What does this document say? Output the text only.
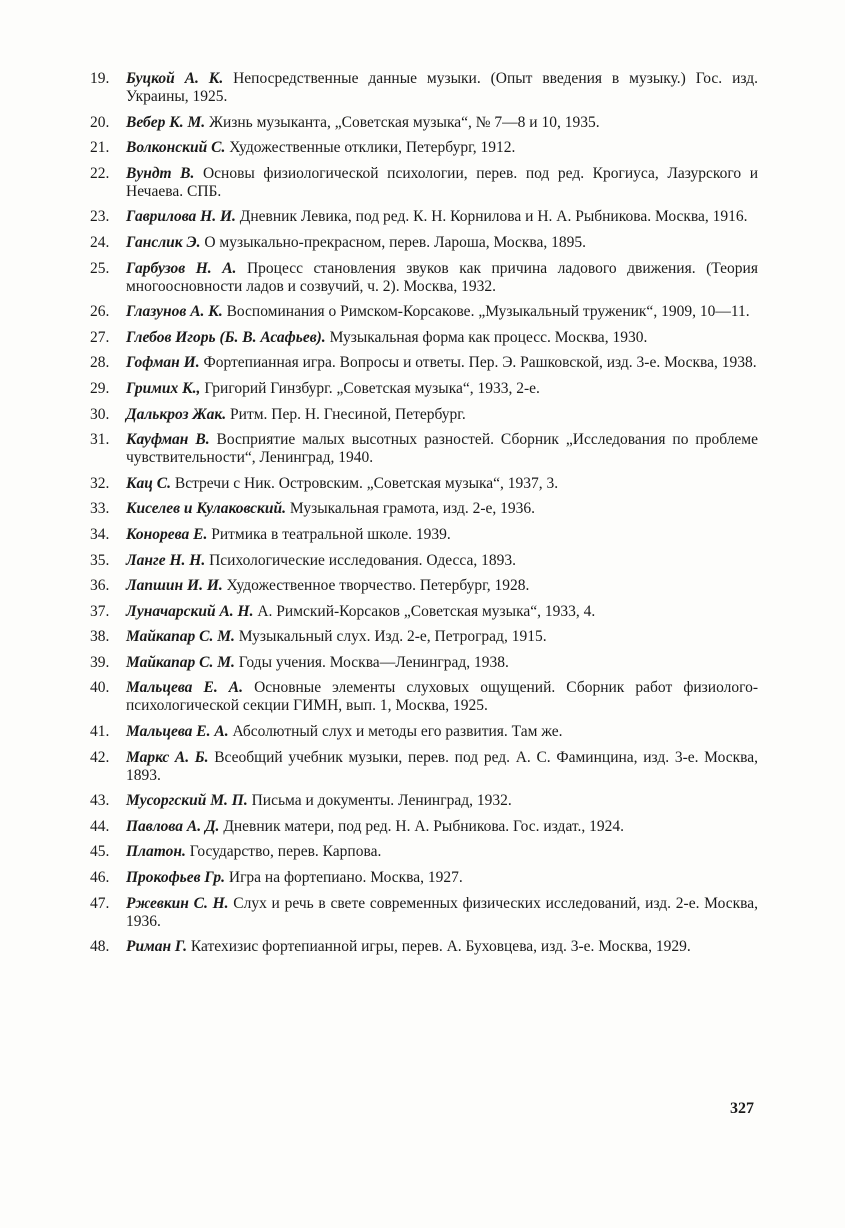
19.	Буцкой А. К. Непосредственные данные музыки. (Опыт введения в музыку.) Гос. изд. Украины, 1925.
20.	Вебер К. М. Жизнь музыканта, „Советская музыка“, № 7—8 и 10, 1935.
21.	Волконский С. Художественные отклики, Петербург, 1912.
22.	Вундт В. Основы физиологической психологии, перев. под ред. Крогиуса, Лазурского и Нечаева. СПБ.
23.	Гаврилова Н. И. Дневник Левика, под ред. К. Н. Корнилова и Н. А. Рыбникова. Москва, 1916.
24.	Ганслик Э. О музыкально-прекрасном, перев. Лароша, Москва, 1895.
25.	Гарбузов Н. А. Процесс становления звуков как причина ладового движения. (Теория многоосновности ладов и созвучий, ч. 2). Москва, 1932.
26.	Глазунов А. К. Воспоминания о Римском-Корсакове. „Музыкальный труженик“, 1909, 10—11.
27.	Глебов Игорь (Б. В. Асафьев). Музыкальная форма как процесс. Москва, 1930.
28.	Гофман И. Фортепианная игра. Вопросы и ответы. Пер. Э. Рашковской, изд. 3-е. Москва, 1938.
29.	Гримих К., Григорий Гинзбург. „Советская музыка“, 1933, 2-е.
30.	Далькроз Жак. Ритм. Пер. Н. Гнесиной, Петербург.
31.	Кауфман В. Восприятие малых высотных разностей. Сборник „Исследования по проблеме чувствительности“, Ленинград, 1940.
32.	Кац С. Встречи с Ник. Островским. „Советская музыка“, 1937, 3.
33.	Киселев и Кулаковский. Музыкальная грамота, изд. 2-е, 1936.
34.	Конорева Е. Ритмика в театральной школе. 1939.
35.	Ланге Н. Н. Психологические исследования. Одесса, 1893.
36.	Лапшин И. И. Художественное творчество. Петербург, 1928.
37.	Луначарский А. Н. А. Римский-Корсаков „Советская музыка“, 1933, 4.
38.	Майкапар С. М. Музыкальный слух. Изд. 2-е, Петроград, 1915.
39.	Майкапар С. М. Годы учения. Москва—Ленинград, 1938.
40.	Мальцева Е. А. Основные элементы слуховых ощущений. Сборник работ физиолого-психологической секции ГИМН, вып. 1, Москва, 1925.
41.	Мальцева Е. А. Абсолютный слух и методы его развития. Там же.
42.	Маркс А. Б. Всеобщий учебник музыки, перев. под ред. А. С. Фаминцина, изд. 3-е. Москва, 1893.
43.	Мусоргский М. П. Письма и документы. Ленинград, 1932.
44.	Павлова А. Д. Дневник матери, под ред. Н. А. Рыбникова. Гос. издат., 1924.
45.	Платон. Государство, перев. Карпова.
46.	Прокофьев Гр. Игра на фортепиано. Москва, 1927.
47.	Ржевкин С. Н. Слух и речь в свете современных физических исследований, изд. 2-е. Москва, 1936.
48.	Риман Г. Катехизис фортепианной игры, перев. А. Буховцева, изд. 3-е. Москва, 1929.
327
